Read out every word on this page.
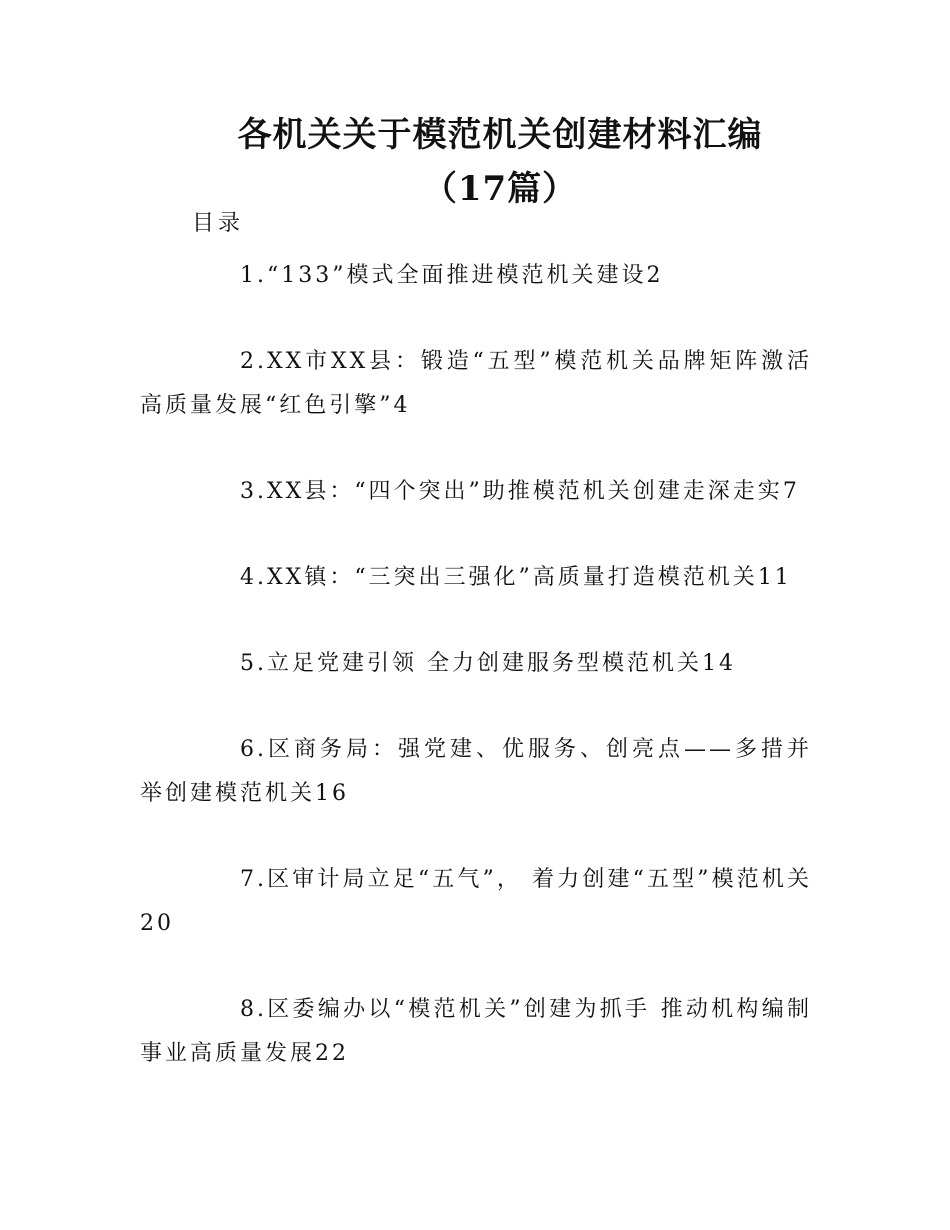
各机关关于模范机关创建材料汇编（17篇）
目录
1.“133”模式全面推进模范机关建设2
2.XX市XX县：锻造“五型”模范机关品牌矩阵激活高质量发展“红色引擎”4
3.XX县：“四个突出”助推模范机关创建走深走实7
4.XX镇：“三突出三强化”高质量打造模范机关11
5.立足党建引领 全力创建服务型模范机关14
6.区商务局：强党建、优服务、创亮点——多措并举创建模范机关16
7.区审计局立足“五气”， 着力创建“五型”模范机关20
8.区委编办以“模范机关”创建为抓手 推动机构编制事业高质量发展22
